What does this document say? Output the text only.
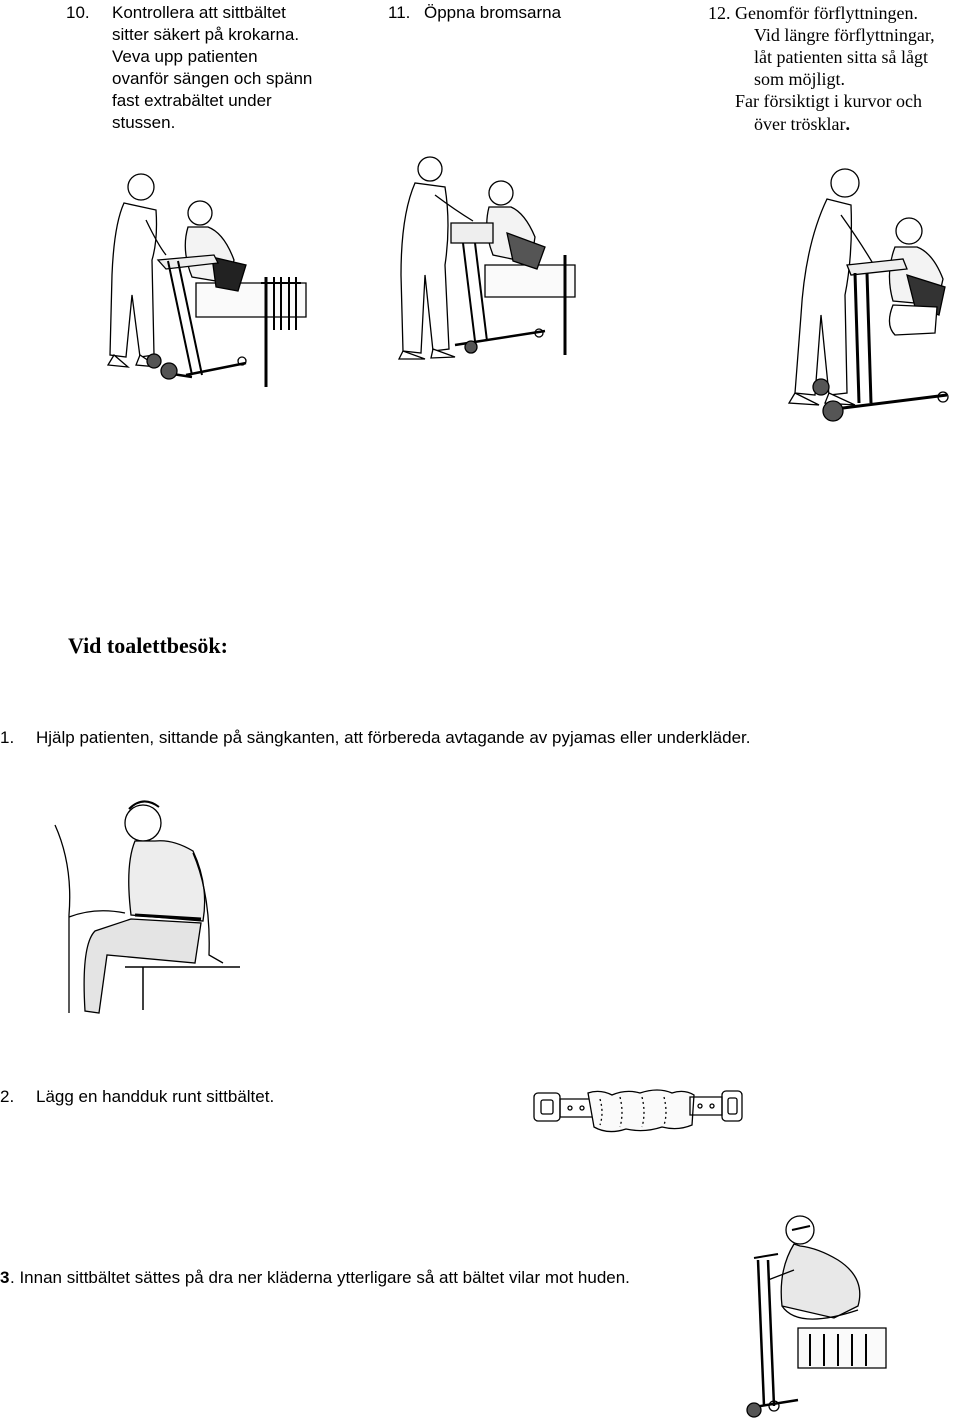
10. Kontrollera att sittbältet
sitter säkert på krokarna.
Veva upp patienten
ovanför sängen och spänn
fast extrabältet under
stussen.
11. Öppna bromsarna	12. Genomför förflyttningen.
Vid längre förflyttningar,
låt patienten sitta så lågt
som möjligt.
Far försiktigt i kurvor och
över trösklar.
Vid toalettbesök:
1. Hjälp patienten, sittande på sängkanten, att förbereda avtagande av pyjamas eller underkläder.
2. Lägg en handduk runt sittbältet.
3 . Innan sittbältet sättes på dra ner kläderna ytterligare så att bältet vilar mot huden.
